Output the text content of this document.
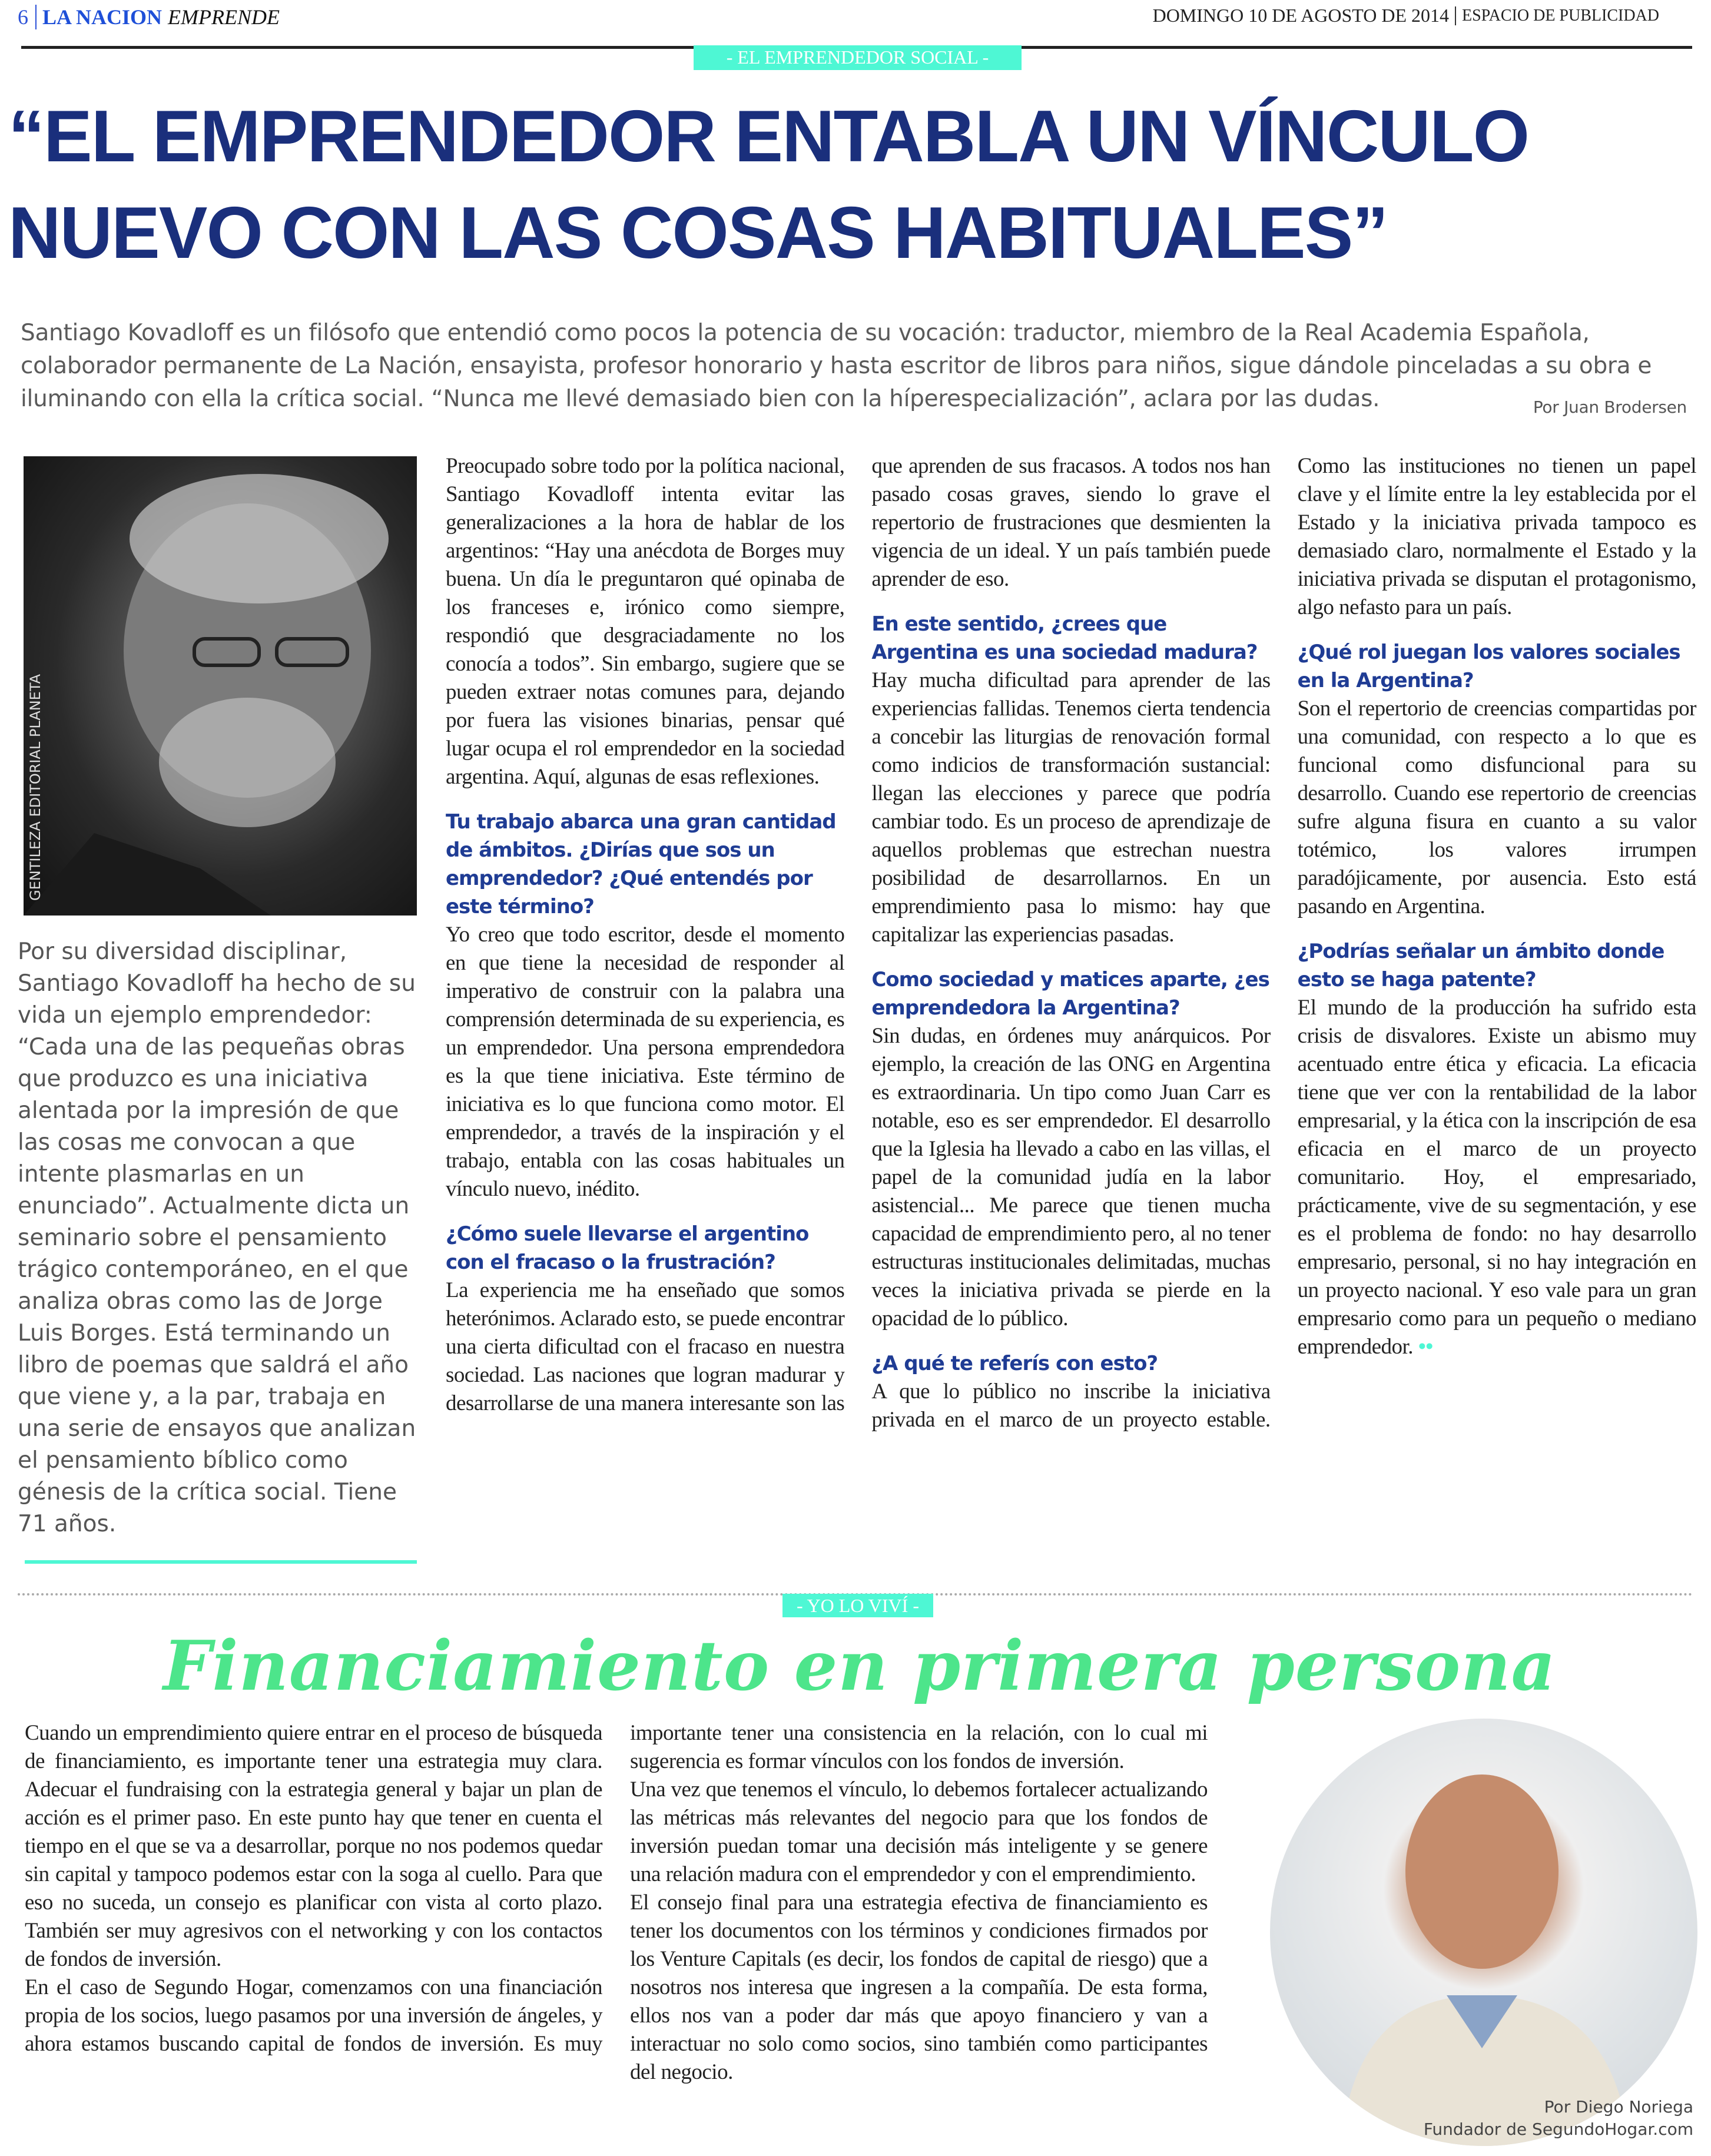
6 LA NACION EMPRENDE	DOMINGO 10 DE AGOSTO DE 2014 ESPACIO DE PUBLICIDAD
- EL EMPRENDEDOR SOCIAL -
“EL EMPRENDEDOR ENTABLA UN VÍNCULO NUEVO CON LAS COSAS HABITUALES”
Santiago Kovadloff es un filósofo que entendió como pocos la potencia de su vocación: traductor, miembro de la Real Academia Española, colaborador permanente de La Nación, ensayista, profesor honorario y hasta escritor de libros para niños, sigue dándole pinceladas a su obra e iluminando con ella la crítica social. “Nunca me llevé demasiado bien con la híperespecialización”, aclara por las dudas.	Por Juan Brodersen
GENTILEZA EDITORIAL PLANETA
Por su diversidad disciplinar, Santiago Kovadloff ha hecho de su vida un ejemplo emprendedor: “Cada una de las pequeñas obras que produzco es una iniciativa alentada por la impresión de que las cosas me convocan a que intente plasmarlas en un enunciado”. Actualmente dicta un seminario sobre el pensamiento trágico contemporáneo, en el que analiza obras como las de Jorge Luis Borges. Está terminando un libro de poemas que saldrá el año que viene y, a la par, trabaja en una serie de ensayos que analizan el pensamiento bíblico como génesis de la crítica social. Tiene 71 años.

Preocupado sobre todo por la política nacional, Santiago Kovadloff intenta evitar las generalizaciones a la hora de hablar de los argentinos: “Hay una anécdota de Borges muy buena. Un día le preguntaron qué opinaba de los franceses e, irónico como siempre, respondió que desgraciadamente no los conocía a todos”. Sin embargo, sugiere que se pueden extraer notas comunes para, dejando por fuera las visiones binarias, pensar qué lugar ocupa el rol emprendedor en la sociedad argentina. Aquí, algunas de esas reflexiones.

Tu trabajo abarca una gran cantidad de ámbitos. ¿Dirías que sos un emprendedor? ¿Qué entendés por este término?

Yo creo que todo escritor, desde el momento en que tiene la necesidad de responder al imperativo de construir con la palabra una comprensión determinada de su experiencia, es un emprendedor. Una persona emprendedora es la que tiene iniciativa. Este término de iniciativa es lo que funciona como motor. El emprendedor, a través de la inspiración y el trabajo, entabla con las cosas habituales un vínculo nuevo, inédito.

¿Cómo suele llevarse el argentino con el fracaso o la frustración?

La experiencia me ha enseñado que somos heterónimos. Aclarado esto, se puede encontrar una cierta dificultad con el fracaso en nuestra sociedad. Las naciones que logran madurar y desarrollarse de una manera interesante son las que aprenden de sus fracasos. A todos nos han pasado cosas graves, siendo lo grave el repertorio de frustraciones que desmienten la vigencia de un ideal. Y un país también puede aprender de eso.

En este sentido, ¿crees que Argentina es una sociedad madura?

Hay mucha dificultad para aprender de las experiencias fallidas. Tenemos cierta tendencia a concebir las liturgias de renovación formal como indicios de transformación sustancial: llegan las elecciones y parece que podría cambiar todo. Es un proceso de aprendizaje de aquellos problemas que estrechan nuestra posibilidad de desarrollarnos. En un emprendimiento pasa lo mismo: hay que capitalizar las experiencias pasadas.

Como sociedad y matices aparte, ¿es emprendedora la Argentina?

Sin dudas, en órdenes muy anárquicos. Por ejemplo, la creación de las ONG en Argentina es extraordinaria. Un tipo como Juan Carr es notable, eso es ser emprendedor. El desarrollo que la Iglesia ha llevado a cabo en las villas, el papel de la comunidad judía en la labor asistencial... Me parece que tienen mucha capacidad de emprendimiento pero, al no tener estructuras institucionales delimitadas, muchas veces la iniciativa privada se pierde en la opacidad de lo público.

¿A qué te referís con esto?

A que lo público no inscribe la iniciativa privada en el marco de un proyecto estable. Como las instituciones no tienen un papel clave y el límite entre la ley establecida por el Estado y la iniciativa privada tampoco es demasiado claro, normalmente el Estado y la iniciativa privada se disputan el protagonismo, algo nefasto para un país.

¿Qué rol juegan los valores sociales en la Argentina?

Son el repertorio de creencias compartidas por una comunidad, con respecto a lo que es funcional como disfuncional para su desarrollo. Cuando ese repertorio de creencias sufre alguna fisura en cuanto a su valor totémico, los valores irrumpen paradójicamente, por ausencia. Esto está pasando en Argentina.

¿Podrías señalar un ámbito donde esto se haga patente?

El mundo de la producción ha sufrido esta crisis de disvalores. Existe un abismo muy acentuado entre ética y eficacia. La eficacia tiene que ver con la rentabilidad de la labor empresarial, y la ética con la inscripción de esa eficacia en el marco de un proyecto comunitario. Hoy, el empresariado, prácticamente, vive de su segmentación, y ese es el problema de fondo: no hay desarrollo empresario, personal, si no hay integración en un proyecto nacional. Y eso vale para un gran empresario como para un pequeño o mediano emprendedor. ••

- YO LO VIVÍ -
Financiamiento en primera persona

Cuando un emprendimiento quiere entrar en el proceso de búsqueda de financiamiento, es importante tener una estrategia muy clara. Adecuar el fundraising con la estrategia general y bajar un plan de acción es el primer paso. En este punto hay que tener en cuenta el tiempo en el que se va a desarrollar, porque no nos podemos quedar sin capital y tampoco podemos estar con la soga al cuello. Para que eso no suceda, un consejo es planificar con vista al corto plazo. También ser muy agresivos con el networking y con los contactos de fondos de inversión.

En el caso de Segundo Hogar, comenzamos con una financiación propia de los socios, luego pasamos por una inversión de ángeles, y ahora estamos buscando capital de fondos de inversión. Es muy importante tener una consistencia en la relación, con lo cual mi sugerencia es formar vínculos con los fondos de inversión.

Una vez que tenemos el vínculo, lo debemos fortalecer actualizando las métricas más relevantes del negocio para que los fondos de inversión puedan tomar una decisión más inteligente y se genere una relación madura con el emprendedor y con el emprendimiento.

El consejo final para una estrategia efectiva de financiamiento es tener los documentos con los términos y condiciones firmados por los Venture Capitals (es decir, los fondos de capital de riesgo) que a nosotros nos interesa que ingresen a la compañía. De esta forma, ellos nos van a poder dar más que apoyo financiero y van a interactuar no solo como socios, sino también como participantes del negocio.

Por Diego Noriega
Fundador de SegundoHogar.com
